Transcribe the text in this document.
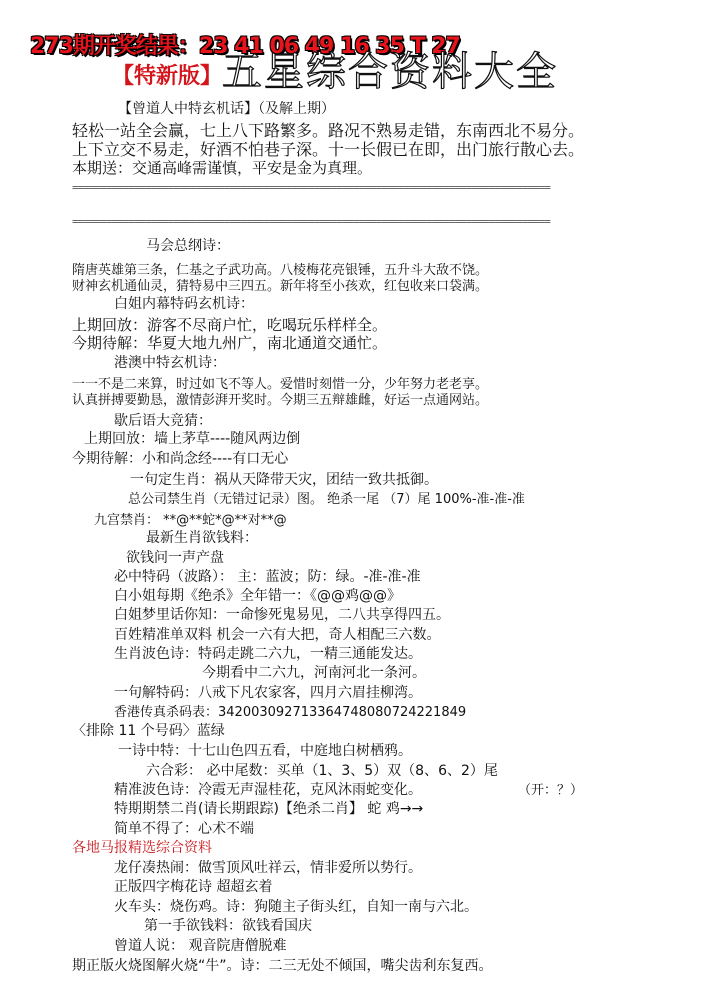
273期开奖结果：23 41 06 49 16 35 T 27
【特新版】 五星综合资料大全
【曾道人中特玄机话】（及解上期）
轻松一站全会赢，七上八下路繁多。路况不熟易走错，东南西北不易分。
上下立交不易走，好酒不怕巷子深。十一长假已在即，出门旅行散心去。
本期送：交通高峰需谨慎，平安是金为真理。
=====================================================================================
=====================================================================================
马会总纲诗：
隋唐英雄第三条，仁基之子武功高。八棱梅花亮银锤，五升斗大敌不饶。
财神玄机通仙灵，猜特易中三四五。新年将至小孩欢，红包收来口袋满。
白姐内幕特码玄机诗：
上期回放：游客不尽商户忙，吃喝玩乐样样全。
今期待解：华夏大地九州广，南北通道交通忙。
港澳中特玄机诗：
一一不是二来算，时过如飞不等人。爱惜时刻惜一分，少年努力老老享。
认真拼搏要勤恳，激情彭湃开奖时。今期三五辩雄雌，好运一点通网站。
歇后语大竞猜：
上期回放：墙上茅草----随风两边倒
今期待解：小和尚念经----有口无心
一句定生肖：祸从天降带天灾，团结一致共抵御。
总公司禁生肖（无错过记录）图。 绝杀一尾 （7）尾 100%-准-准-准
九宫禁肖： **@**蛇*@**对**@
最新生肖欲钱料：
欲钱问一声产盘
必中特码（波路）： 主：蓝波；防：绿。-准-准-准
白小姐每期《绝杀》全年错一：《@@鸡@@》
白姐梦里话你知：一命惨死鬼易见，二八共享得四五。
百姓精准单双料 机会一六有大把，奇人相配三六数。
生肖波色诗：特码走跳二六九，一精三通能发达。
今期看中二六九，河南河北一条河。
一句解特码：八戒下凡农家客，四月六眉挂柳湾。
香港传真杀码表：34200309271336474808072422184​9
〈排除 11 个号码〉蓝绿
一诗中特：十七山色四五看，中庭地白树栖鸦。
六合彩： 必中尾数：买单（1、3、5）双（8、6、2）尾
精准波色诗：冷霞无声湿桂花，克风沐雨蛇变化。	（开：？）
特期期禁二肖(请长期跟踪)【绝杀二肖】 蛇 鸡→→
简单不得了：心术不端
各地马报精选综合资料
龙仔凑热闹：做雪顶风吐祥云，情非爱所以势行。
正版四字梅花诗 超超玄着
火车头：烧伤鸡。诗：狗随主子街头红，自知一南与六北。
第一手欲钱料：欲钱看国庆
曾道人说： 观音院唐僧脱难
期正版火烧图解火烧“牛”。诗：二三无处不倾国，嘴尖齿利东复西。
